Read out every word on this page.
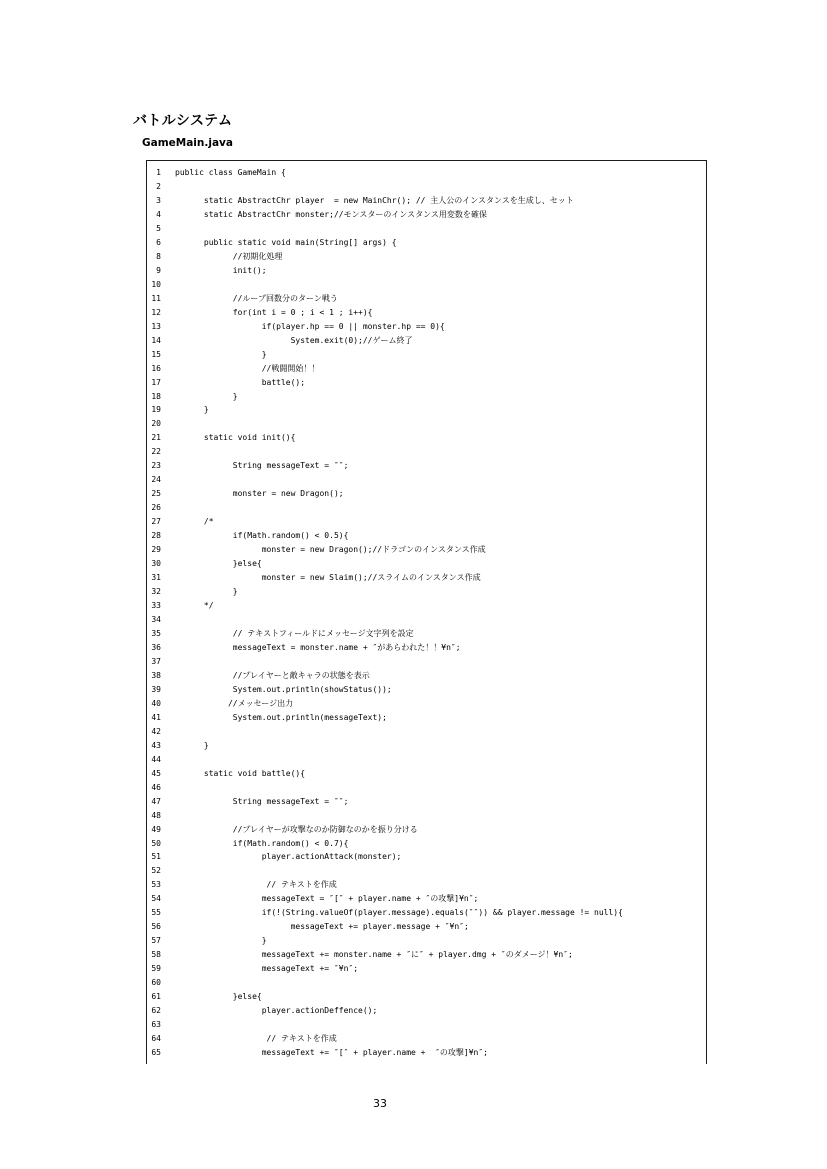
バトルシステム
GameMain.java
1 public class GameMain {
2
3 static AbstractChr player  = new MainChr(); // 主人公のインスタンスを生成し、セット
4 static AbstractChr monster;//モンスターのインスタンス用変数を確保
5
6 public static void main(String[] args) {
8 //初期化処理
9 init();
10
11 //ループ回数分のターン戦う
12 for(int i = 0 ; i < 1 ; i++){
13 if(player.hp == 0 || monster.hp == 0){
14 System.exit(0);//ゲーム終了
15 }
16 //戦闘開始！！
17 battle();
18 }
19 }
20
21 static void init(){
22
23 String messageText = ″″;
24
25 monster = new Dragon();
26
27 /*
28 if(Math.random() < 0.5){
29 monster = new Dragon();//ドラゴンのインスタンス作成
30 }else{
31 monster = new Slaim();//スライムのインスタンス作成
32 }
33 */
34
35 // テキストフィールドにメッセージ文字列を設定
36 messageText = monster.name + ″があらわれた！！¥n″;
37
38 //プレイヤーと敵キャラの状態を表示
39 System.out.println(showStatus());
40 //メッセージ出力
41 System.out.println(messageText);
42
43 }
44
45 static void battle(){
46
47 String messageText = ″″;
48
49 //プレイヤーが攻撃なのか防御なのかを振り分ける
50 if(Math.random() < 0.7){
51 player.actionAttack(monster);
52
53 // テキストを作成
54 messageText = ″[″ + player.name + ″の攻撃]¥n″;
55 if(!(String.valueOf(player.message).equals(″″)) && player.message != null){
56 messageText += player.message + ″¥n″;
57 }
58 messageText += monster.name + ″に″ + player.dmg + ″のダメージ！¥n″;
59 messageText += ″¥n″;
60
61 }else{
62 player.actionDeffence();
63
64 // テキストを作成
65 messageText += ″[″ + player.name +  ″の攻撃]¥n″;
33
